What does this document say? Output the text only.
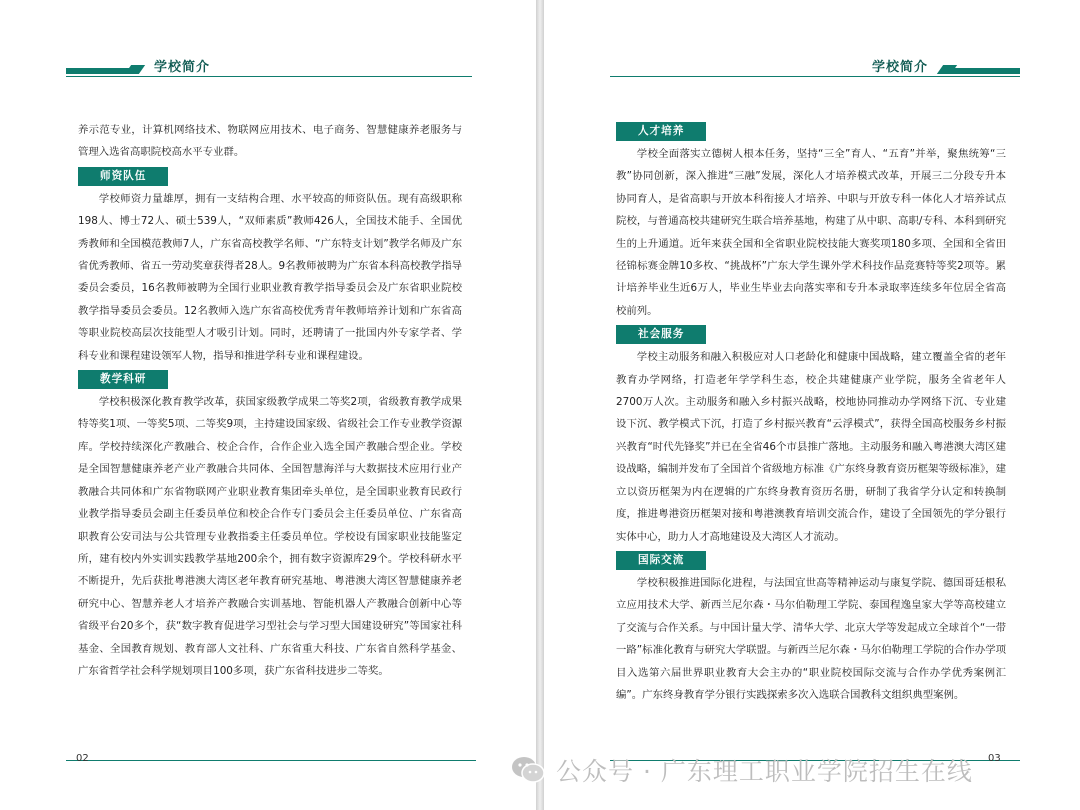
学校简介

养示范专业，计算机网络技术、物联网应用技术、电子商务、智慧健康养老服务与管理入选省高职院校高水平专业群。

师资队伍

学校师资力量雄厚，拥有一支结构合理、水平较高的师资队伍。现有高级职称198人、博士72人、硕士539人，“双师素质”教师426人，全国技术能手、全国优秀教师和全国模范教师7人，广东省高校教学名师、“广东特支计划”教学名师及广东省优秀教师、省五一劳动奖章获得者28人。9名教师被聘为广东省本科高校教学指导委员会委员，16名教师被聘为全国行业职业教育教学指导委员会及广东省职业院校教学指导委员会委员。12名教师入选广东省高校优秀青年教师培养计划和广东省高等职业院校高层次技能型人才吸引计划。同时，还聘请了一批国内外专家学者、学科专业和课程建设领军人物，指导和推进学科专业和课程建设。

教学科研

学校积极深化教育教学改革，获国家级教学成果二等奖2项，省级教育教学成果特等奖1项、一等奖5项、二等奖9项，主持建设国家级、省级社会工作专业教学资源库。学校持续深化产教融合、校企合作，合作企业入选全国产教融合型企业。学校是全国智慧健康养老产业产教融合共同体、全国智慧海洋与大数据技术应用行业产教融合共同体和广东省物联网产业职业教育集团牵头单位，是全国职业教育民政行业教学指导委员会副主任委员单位和校企合作专门委员会主任委员单位、广东省高职教育公安司法与公共管理专业教指委主任委员单位。学校设有国家职业技能鉴定所，建有校内外实训实践教学基地200余个，拥有数字资源库29个。学校科研水平不断提升，先后获批粤港澳大湾区老年教育研究基地、粤港澳大湾区智慧健康养老研究中心、智慧养老人才培养产教融合实训基地、智能机器人产教融合创新中心等省级平台20多个，获“数字教育促进学习型社会与学习型大国建设研究”等国家社科基金、全国教育规划、教育部人文社科、广东省重大科技、广东省自然科学基金、广东省哲学社会科学规划项目100多项，获广东省科技进步二等奖。

02
学校简介
人才培养

学校全面落实立德树人根本任务，坚持“三全”育人、“五育”并举，聚焦统筹“三教”协同创新，深入推进“三融”发展，深化人才培养模式改革，开展三二分段专升本协同育人，是省高职与开放本科衔接人才培养、中职与开放专科一体化人才培养试点院校，与普通高校共建研究生联合培养基地，构建了从中职、高职/专科、本科到研究生的上升通道。近年来获全国和全省职业院校技能大赛奖项180多项、全国和全省田径锦标赛金牌10多枚、“挑战杯”广东大学生课外学术科技作品竞赛特等奖2项等。累计培养毕业生近6万人，毕业生毕业去向落实率和专升本录取率连续多年位居全省高校前列。

社会服务

学校主动服务和融入积极应对人口老龄化和健康中国战略，建立覆盖全省的老年教育办学网络，打造老年学学科生态，校企共建健康产业学院，服务全省老年人2700万人次。主动服务和融入乡村振兴战略，校地协同推动办学网络下沉、专业建设下沉、教学模式下沉，打造了乡村振兴教育“云浮模式”，获得全国高校服务乡村振兴教育“时代先锋奖”并已在全省46个市县推广落地。主动服务和融入粤港澳大湾区建设战略，编制并发布了全国首个省级地方标准《广东终身教育资历框架等级标准》，建立以资历框架为内在逻辑的广东终身教育资历名册，研制了我省学分认定和转换制度，推进粤港资历框架对接和粤港澳教育培训交流合作，建设了全国领先的学分银行实体中心，助力人才高地建设及大湾区人才流动。

国际交流

学校积极推进国际化进程，与法国宜世高等精神运动与康复学院、德国哥廷根私立应用技术大学、新西兰尼尔森・马尔伯勒理工学院、泰国程逸皇家大学等高校建立了交流与合作关系。与中国计量大学、清华大学、北京大学等发起成立全球首个“一带一路”标准化教育与研究大学联盟。与新西兰尼尔森・马尔伯勒理工学院的合作办学项目入选第六届世界职业教育大会主办的“职业院校国际交流与合作办学优秀案例汇编”。广东终身教育学分银行实践探索多次入选联合国教科文组织典型案例。

03
公众号 · 广东理工职业学院招生在线
